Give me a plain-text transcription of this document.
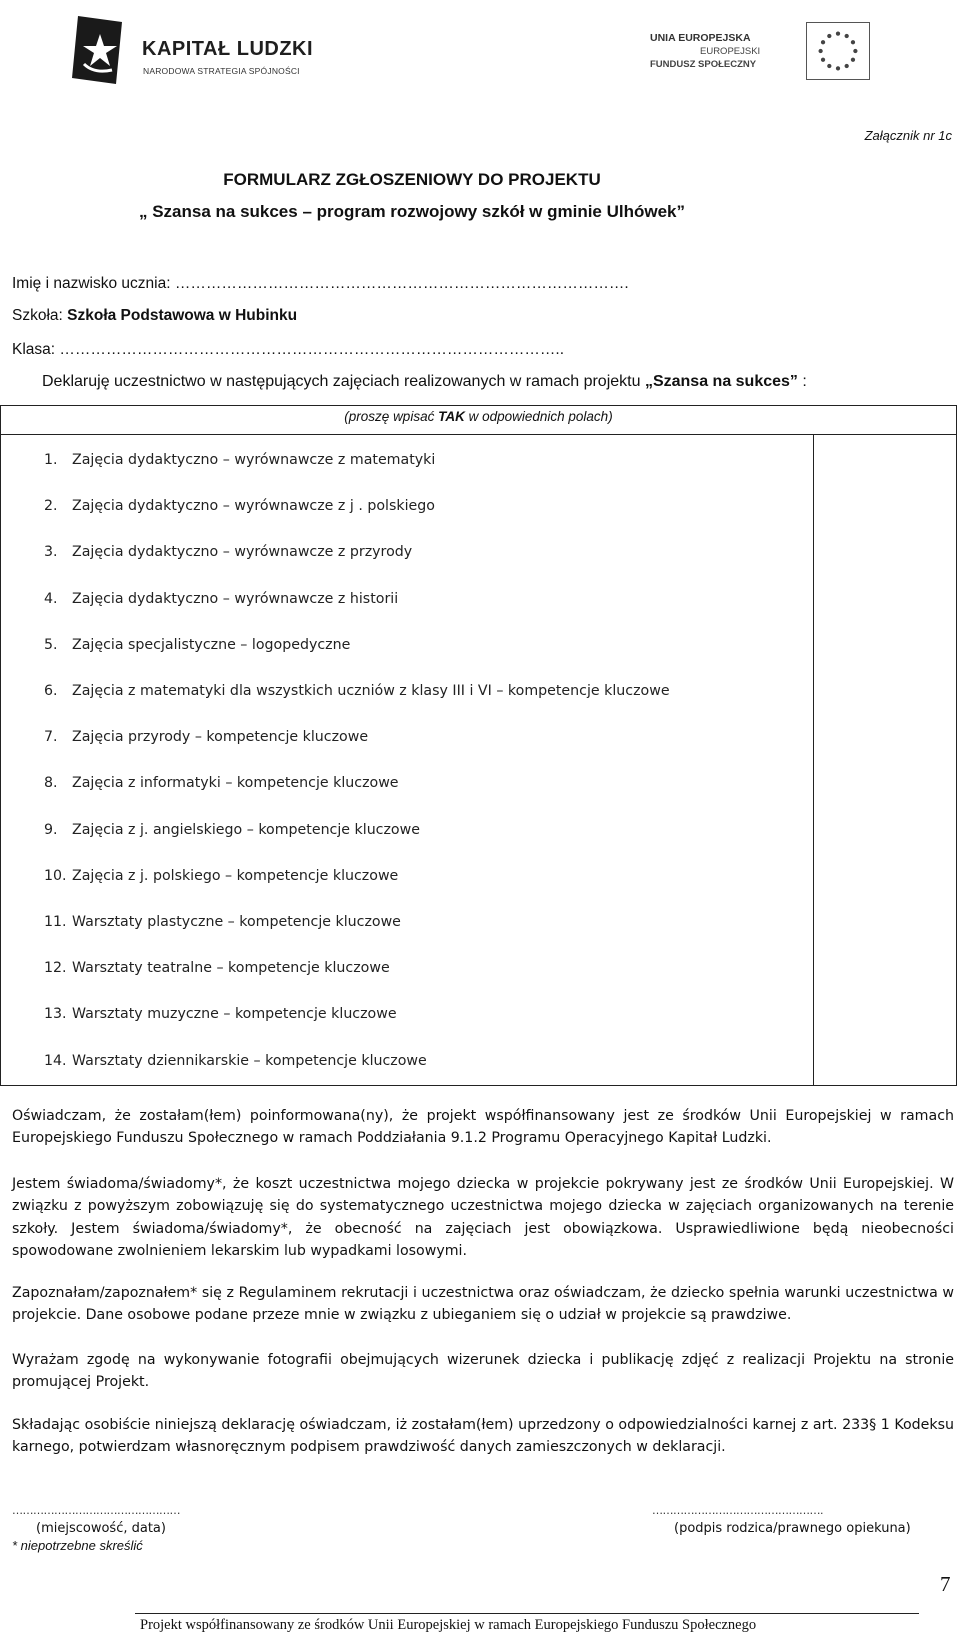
KAPITAŁ LUDZKI
NARODOWA STRATEGIA SPÓJNOŚCI
UNIA EUROPEJSKA
EUROPEJSKI
FUNDUSZ SPOŁECZNY
Załącznik nr 1c
FORMULARZ ZGŁOSZENIOWY DO PROJEKTU
„ Szansa na sukces – program rozwojowy szkół w gminie Ulhówek”
Imię i nazwisko ucznia: …………………………………………………………………………….
Szkoła: Szkoła Podstawowa w Hubinku
Klasa: ……………………………………………………………………………………..
Deklaruję uczestnictwo w następujących zajęciach realizowanych w ramach projektu „Szansa na sukces” :
(proszę wpisać TAK w odpowiednich polach)
1. Zajęcia dydaktyczno – wyrównawcze z matematyki
2. Zajęcia dydaktyczno – wyrównawcze z j . polskiego
3. Zajęcia dydaktyczno – wyrównawcze z przyrody
4. Zajęcia dydaktyczno – wyrównawcze z historii
5. Zajęcia specjalistyczne – logopedyczne
6. Zajęcia z matematyki dla wszystkich uczniów z klasy III i VI – kompetencje kluczowe
7. Zajęcia przyrody – kompetencje kluczowe
8. Zajęcia z informatyki – kompetencje kluczowe
9. Zajęcia z j. angielskiego – kompetencje kluczowe
10. Zajęcia z j. polskiego – kompetencje kluczowe
11. Warsztaty plastyczne – kompetencje kluczowe
12. Warsztaty teatralne – kompetencje kluczowe
13. Warsztaty muzyczne – kompetencje kluczowe
14. Warsztaty dziennikarskie – kompetencje kluczowe
Oświadczam, że zostałam(łem) poinformowana(ny), że projekt współfinansowany jest ze środków Unii Europejskiej w ramach Europejskiego Funduszu Społecznego w ramach Poddziałania 9.1.2 Programu Operacyjnego Kapitał Ludzki.
Jestem świadoma/świadomy*, że koszt uczestnictwa mojego dziecka w projekcie pokrywany jest ze środków Unii Europejskiej. W związku z powyższym zobowiązuję się do systematycznego uczestnictwa mojego dziecka w zajęciach organizowanych na terenie szkoły. Jestem świadoma/świadomy*, że obecność na zajęciach jest obowiązkowa. Usprawiedliwione będą nieobecności spowodowane zwolnieniem lekarskim lub wypadkami losowymi.
Zapoznałam/zapoznałem* się z Regulaminem rekrutacji i uczestnictwa oraz oświadczam, że dziecko spełnia warunki uczestnictwa w projekcie. Dane osobowe podane przeze mnie w związku z ubieganiem się o udział w projekcie są prawdziwe.
Wyrażam zgodę na wykonywanie fotografii obejmujących wizerunek dziecka i publikację zdjęć z realizacji Projektu na stronie promującej Projekt.
Składając osobiście niniejszą deklarację oświadczam, iż zostałam(łem) uprzedzony o odpowiedzialności karnej z art. 233§ 1 Kodeksu karnego, potwierdzam własnoręcznym podpisem prawdziwość danych zamieszczonych w deklaracji.
…………………………………………	………………………………………….
(miejscowość, data)	(podpis rodzica/prawnego opiekuna)
* niepotrzebne skreślić
7
Projekt współfinansowany ze środków Unii Europejskiej w ramach Europejskiego Funduszu Społecznego
